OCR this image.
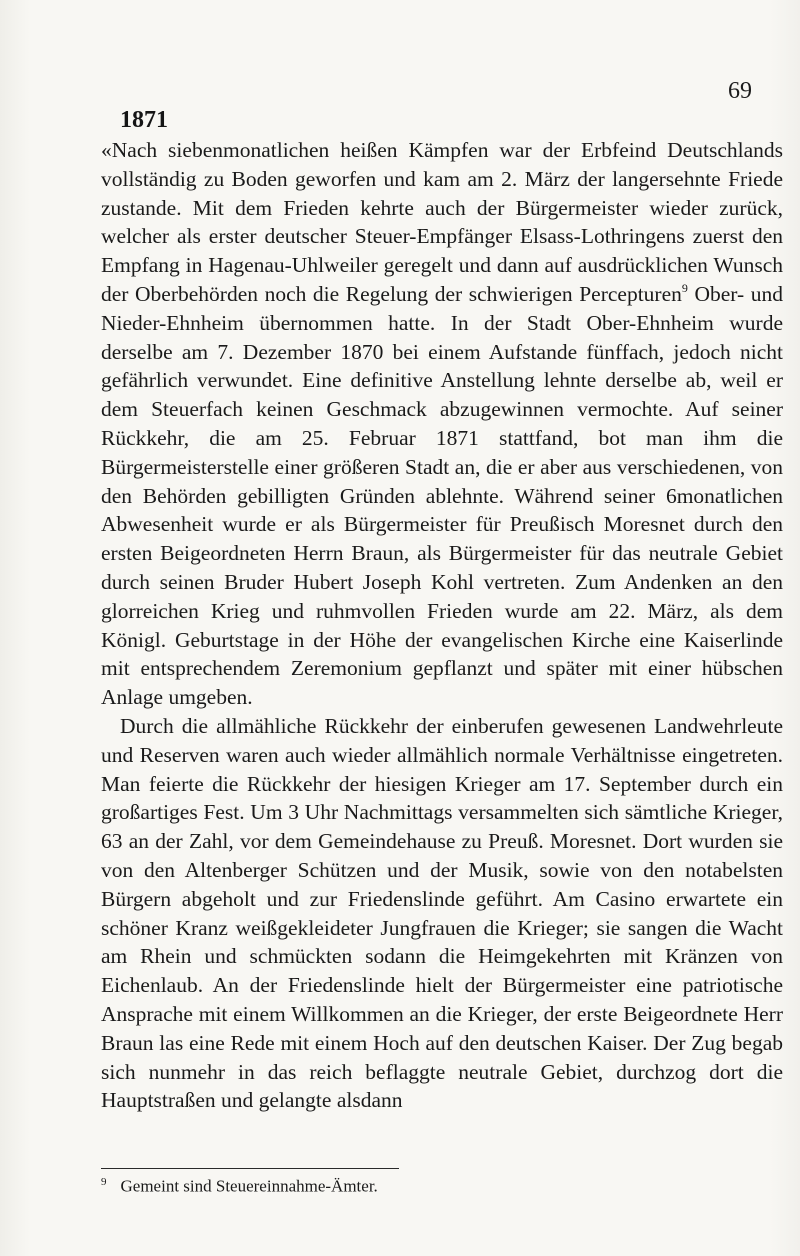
69
1871

«Nach siebenmonatlichen heißen Kämpfen war der Erbfeind Deutschlands vollständig zu Boden geworfen und kam am 2. März der langersehnte Friede zustande. Mit dem Frieden kehrte auch der Bürgermeister wieder zurück, welcher als erster deutscher Steuer-Empfänger Elsass-Lothringens zuerst den Empfang in Hagenau-Uhlweiler geregelt und dann auf ausdrücklichen Wunsch der Oberbehörden noch die Regelung der schwierigen Percepturen$^9$ Ober- und Nieder-Ehnheim übernommen hatte. In der Stadt Ober-Ehnheim wurde derselbe am 7. Dezember 1870 bei einem Aufstande fünffach, jedoch nicht gefährlich verwundet. Eine definitive Anstellung lehnte derselbe ab, weil er dem Steuerfach keinen Geschmack abzugewinnen vermochte. Auf seiner Rückkehr, die am 25. Februar 1871 stattfand, bot man ihm die Bürgermeisterstelle einer größeren Stadt an, die er aber aus verschiedenen, von den Behörden gebilligten Gründen ablehnte. Während seiner 6monatlichen Abwesenheit wurde er als Bürgermeister für Preußisch Moresnet durch den ersten Beigeordneten Herrn Braun, als Bürgermeister für das neutrale Gebiet durch seinen Bruder Hubert Joseph Kohl vertreten. Zum Andenken an den glorreichen Krieg und ruhmvollen Frieden wurde am 22. März, als dem Königl. Geburtstage in der Höhe der evangelischen Kirche eine Kaiserlinde mit entsprechendem Zeremonium gepflanzt und später mit einer hübschen Anlage umgeben.

Durch die allmähliche Rückkehr der einberufen gewesenen Landwehrleute und Reserven waren auch wieder allmählich normale Verhältnisse eingetreten. Man feierte die Rückkehr der hiesigen Krieger am 17. September durch ein großartiges Fest. Um 3 Uhr Nachmittags versammelten sich sämtliche Krieger, 63 an der Zahl, vor dem Gemeindehause zu Preuß. Moresnet. Dort wurden sie von den Altenberger Schützen und der Musik, sowie von den notabelsten Bürgern abgeholt und zur Friedenslinde geführt. Am Casino erwartete ein schöner Kranz weißgekleideter Jungfrauen die Krieger; sie sangen die Wacht am Rhein und schmückten sodann die Heimgekehrten mit Kränzen von Eichenlaub. An der Friedenslinde hielt der Bürgermeister eine patriotische Ansprache mit einem Willkommen an die Krieger, der erste Beigeordnete Herr Braun las eine Rede mit einem Hoch auf den deutschen Kaiser. Der Zug begab sich nunmehr in das reich beflaggte neutrale Gebiet, durchzog dort die Hauptstraßen und gelangte alsdann

$^9$ Gemeint sind Steuereinnahme-Ämter.
